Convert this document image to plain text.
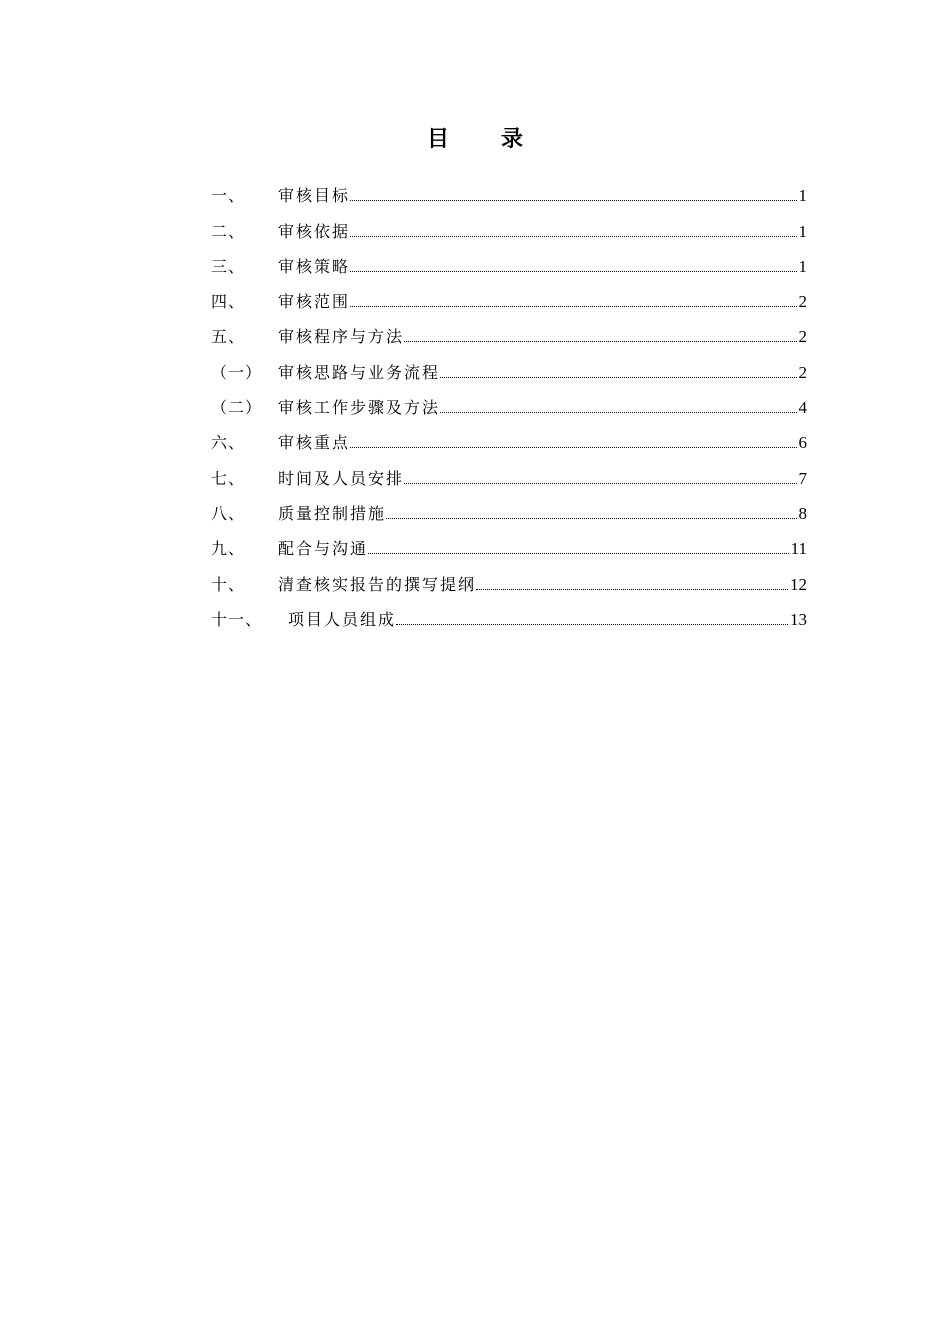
目 录
一、	审核目标	1
二、	审核依据	1
三、	审核策略	1
四、	审核范围	2
五、	审核程序与方法	2
（一） 审核思路与业务流程	2
（二） 审核工作步骤及方法	4
六、	审核重点	6
七、	时间及人员安排	7
八、	质量控制措施	8
九、	配合与沟通	11
十、	清查核实报告的撰写提纲	12
十一、	项目人员组成	13
